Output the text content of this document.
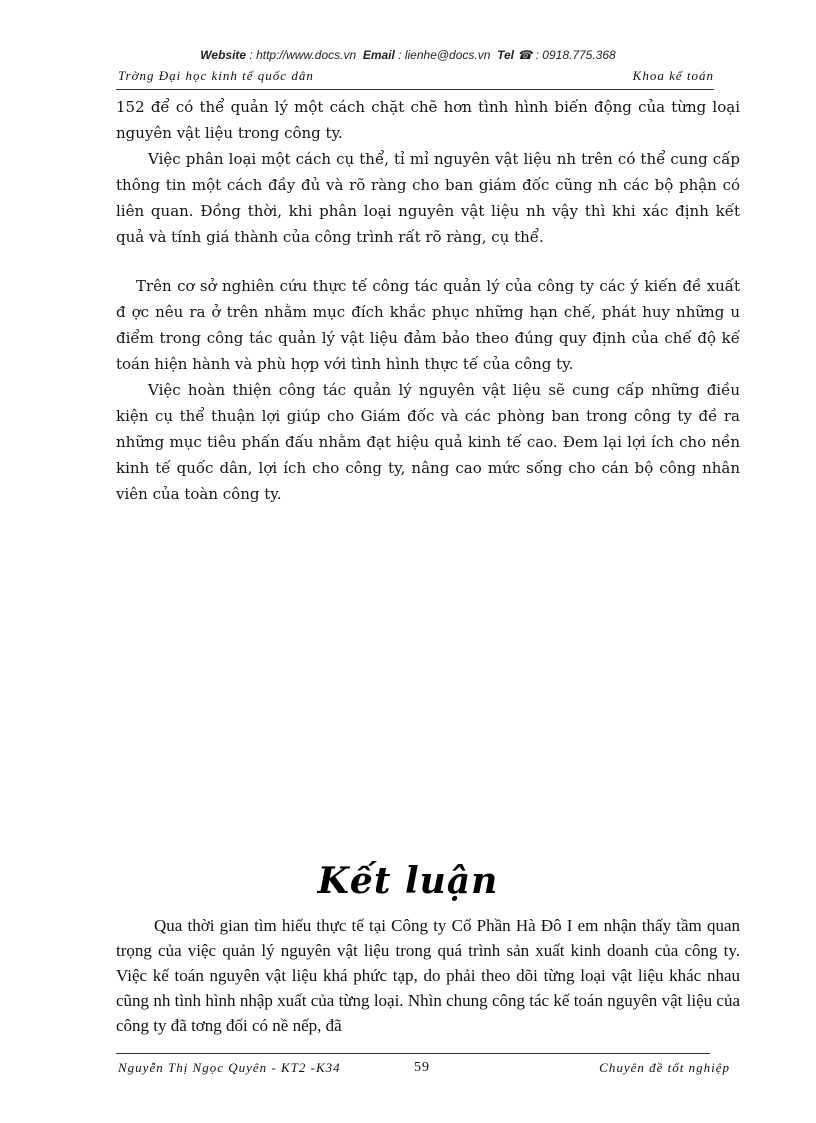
Website : http://www.docs.vn Email : lienhe@docs.vn Tel ☎ : 0918.775.368
Trờng Đại học kinh tế quốc dân	Khoa kế toán

152 để có thể quản lý một cách chặt chẽ hơn tình hình biến động của từng loại nguyên vật liệu trong công ty.

Việc phân loại một cách cụ thể, tỉ mỉ nguyên vật liệu nh trên có thể cung cấp thông tin một cách đầy đủ và rõ ràng cho ban giám đốc cũng nh các bộ phận có liên quan. Đồng thời, khi phân loại nguyên vật liệu nh vậy thì khi xác định kết quả và tính giá thành của công trình rất rõ ràng, cụ thể.

Trên cơ sở nghiên cứu thực tế công tác quản lý của công ty các ý kiến đề xuất đ ợc nêu ra ở trên nhằm mục đích khắc phục những hạn chế, phát huy những u điểm trong công tác quản lý vật liệu đảm bảo theo đúng quy định của chế độ kế toán hiện hành và phù hợp với tình hình thực tế của công ty.

Việc hoàn thiện công tác quản lý nguyên vật liệu sẽ cung cấp những điều kiện cụ thể thuận lợi giúp cho Giám đốc và các phòng ban trong công ty đề ra những mục tiêu phấn đấu nhằm đạt hiệu quả kinh tế cao. Đem lại lợi ích cho nền kinh tế quốc dân, lợi ích cho công ty, nâng cao mức sống cho cán bộ công nhân viên của toàn công ty.

Kết luận

Qua thời gian tìm hiểu thực tế tại Công ty Cổ Phần Hà Đô I em nhận thấy tầm quan trọng của việc quản lý nguyên vật liệu trong quá trình sản xuất kinh doanh của công ty. Việc kế toán nguyên vật liệu khá phức tạp, do phải theo dõi từng loại vật liệu khác nhau cũng nh tình hình nhập xuất của từng loại. Nhìn chung công tác kế toán nguyên vật liệu của công ty đã tơng đối có nề nếp, đã

Nguyễn Thị Ngọc Quyên - KT2 -K34	59	Chuyên đề tốt nghiệp
